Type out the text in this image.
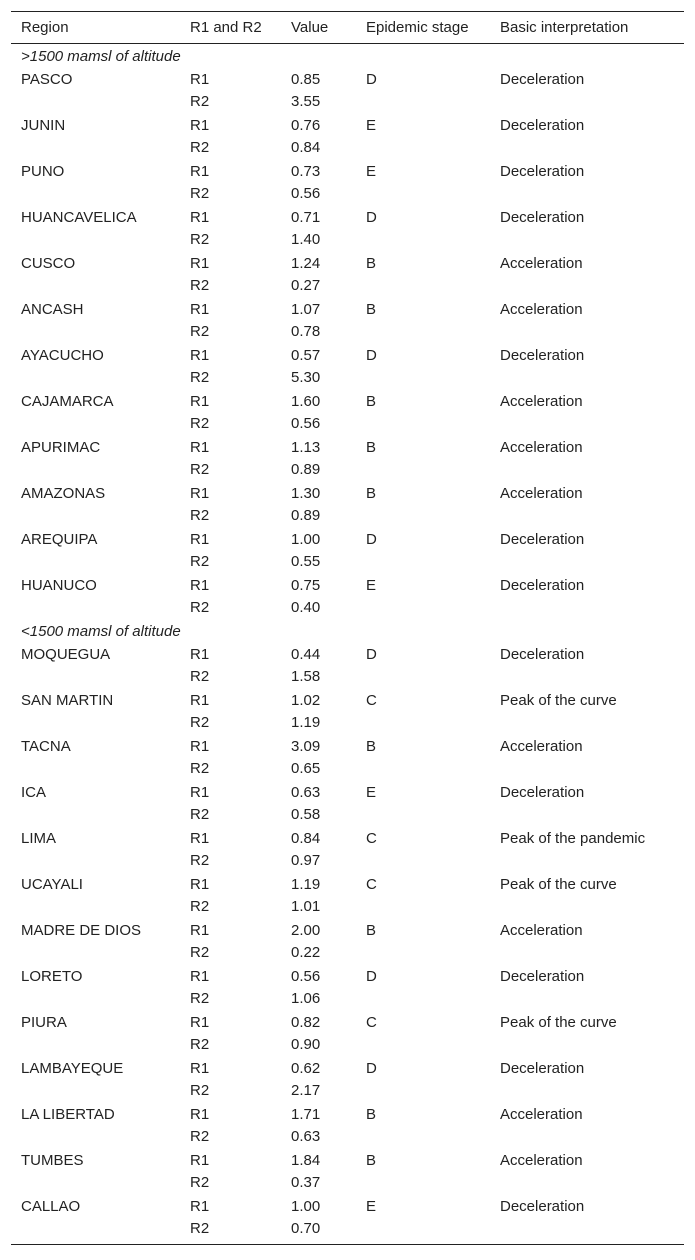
Region	R1 and R2	Value	Epidemic stage	Basic interpretation
>1500 mamsl of altitude				
PASCO	R1	0.85	D	Deceleration
	R2	3.55		
JUNIN	R1	0.76	E	Deceleration
	R2	0.84		
PUNO	R1	0.73	E	Deceleration
	R2	0.56		
HUANCAVELICA	R1	0.71	D	Deceleration
	R2	1.40		
CUSCO	R1	1.24	B	Acceleration
	R2	0.27		
ANCASH	R1	1.07	B	Acceleration
	R2	0.78		
AYACUCHO	R1	0.57	D	Deceleration
	R2	5.30		
CAJAMARCA	R1	1.60	B	Acceleration
	R2	0.56		
APURIMAC	R1	1.13	B	Acceleration
	R2	0.89		
AMAZONAS	R1	1.30	B	Acceleration
	R2	0.89		
AREQUIPA	R1	1.00	D	Deceleration
	R2	0.55		
HUANUCO	R1	0.75	E	Deceleration
	R2	0.40		
<1500 mamsl of altitude				
MOQUEGUA	R1	0.44	D	Deceleration
	R2	1.58		
SAN MARTIN	R1	1.02	C	Peak of the curve
	R2	1.19		
TACNA	R1	3.09	B	Acceleration
	R2	0.65		
ICA	R1	0.63	E	Deceleration
	R2	0.58		
LIMA	R1	0.84	C	Peak of the pandemic
	R2	0.97		
UCAYALI	R1	1.19	C	Peak of the curve
	R2	1.01		
MADRE DE DIOS	R1	2.00	B	Acceleration
	R2	0.22		
LORETO	R1	0.56	D	Deceleration
	R2	1.06		
PIURA	R1	0.82	C	Peak of the curve
	R2	0.90		
LAMBAYEQUE	R1	0.62	D	Deceleration
	R2	2.17		
LA LIBERTAD	R1	1.71	B	Acceleration
	R2	0.63		
TUMBES	R1	1.84	B	Acceleration
	R2	0.37		
CALLAO	R1	1.00	E	Deceleration
	R2	0.70		
